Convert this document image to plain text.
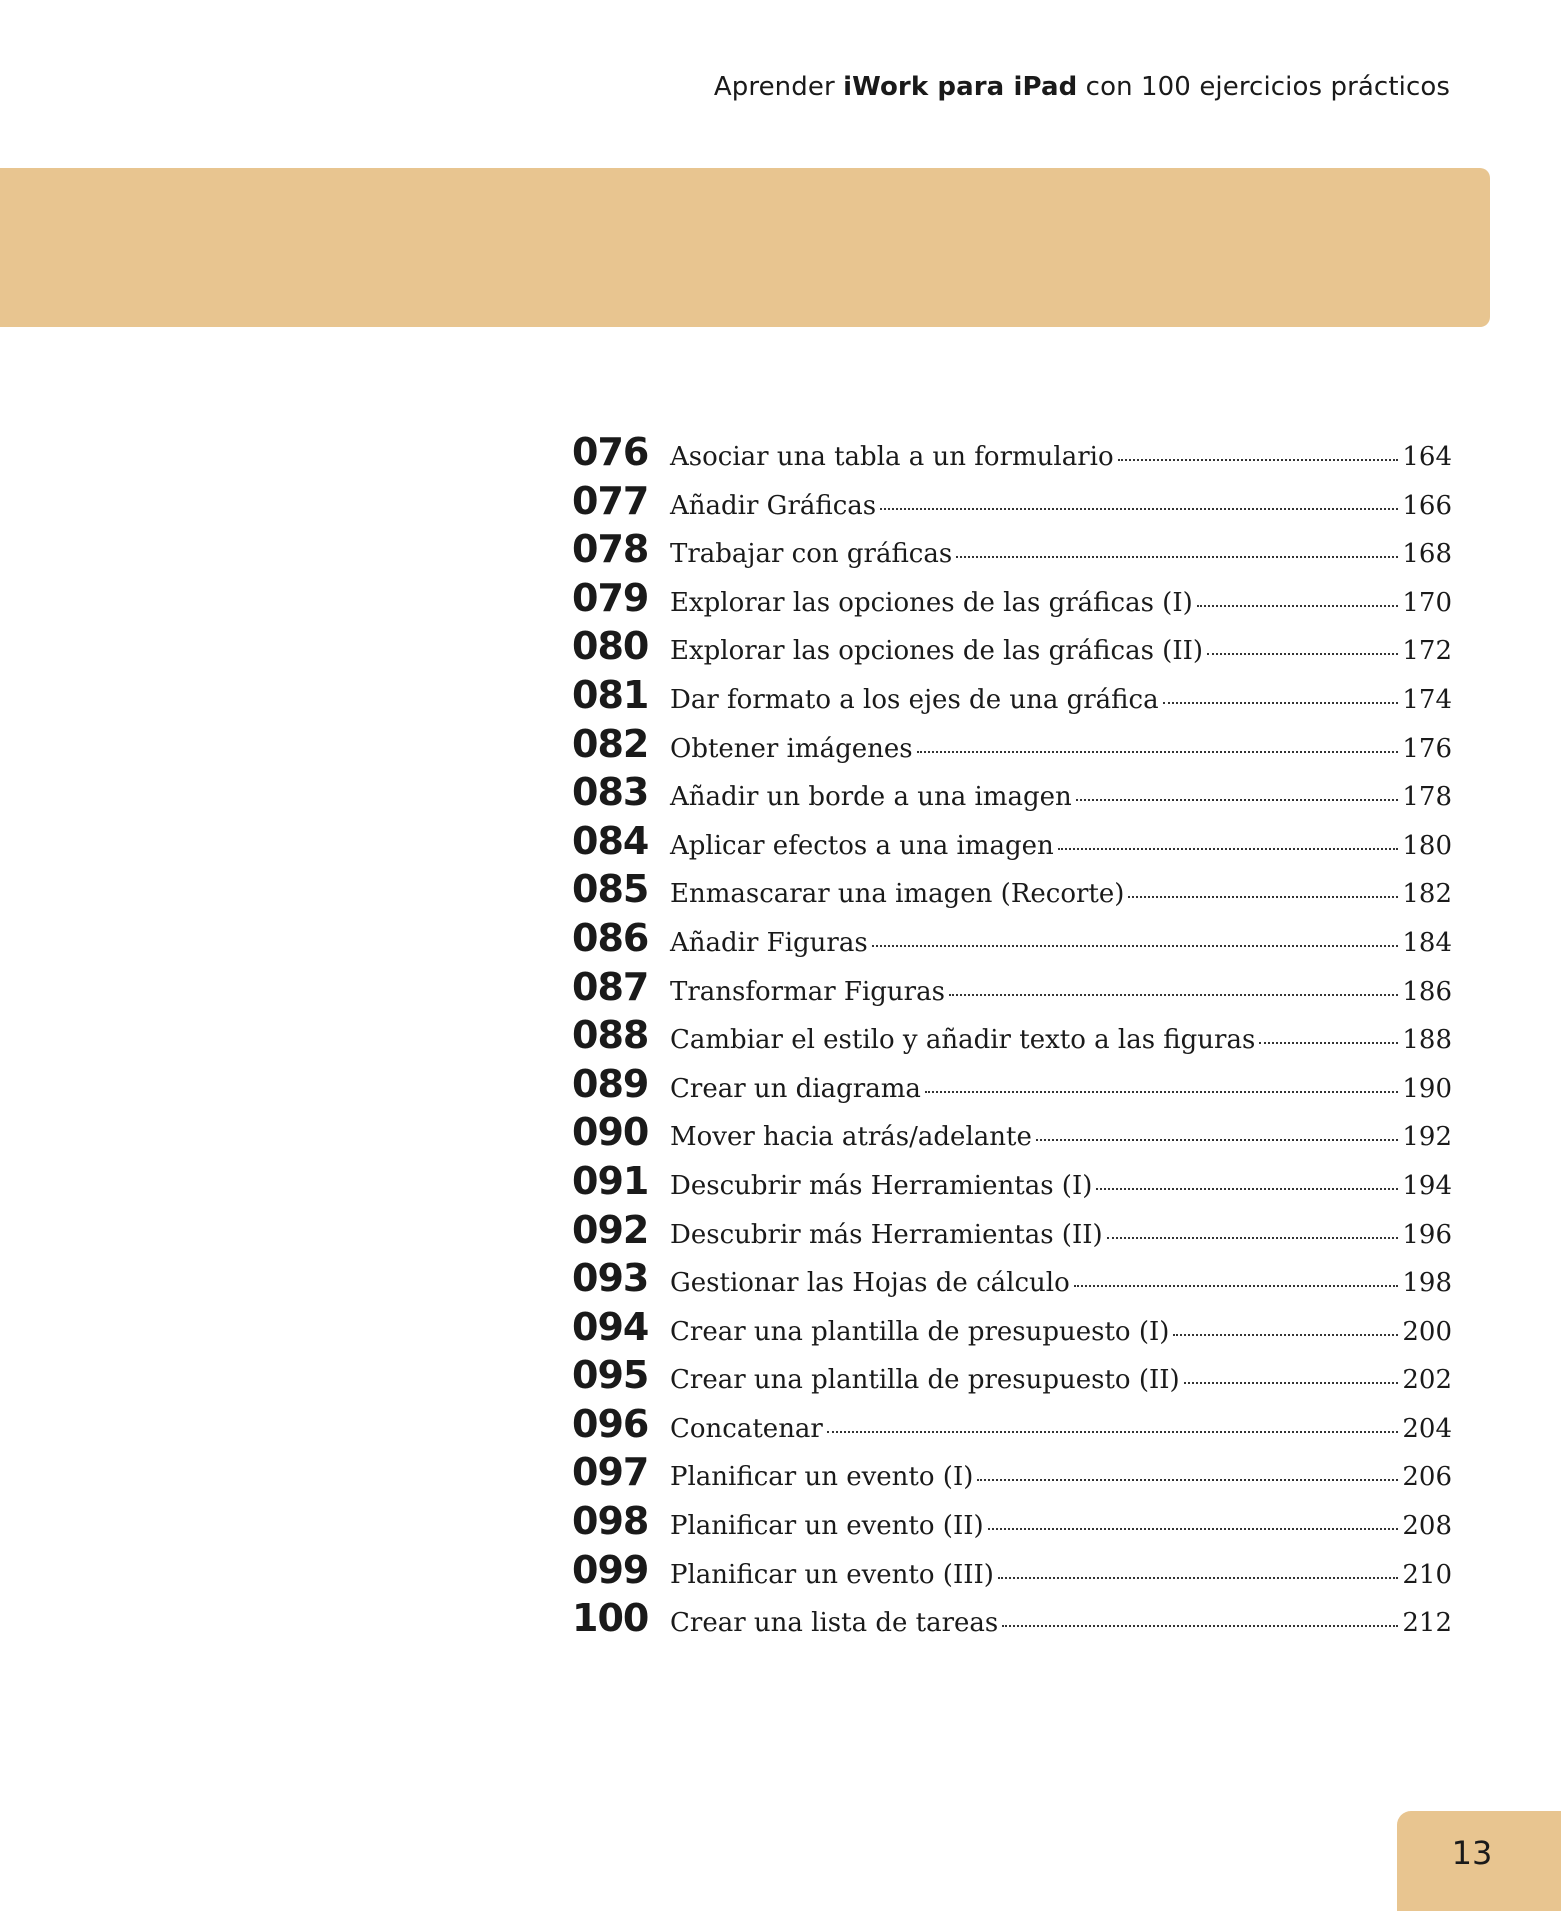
Aprender iWork para iPad con 100 ejercicios prácticos
076 Asociar una tabla a un formulario	164
077 Añadir Gráficas	166
078 Trabajar con gráficas	168
079 Explorar las opciones de las gráficas (I)	170
080 Explorar las opciones de las gráficas (II)	172
081 Dar formato a los ejes de una gráfica	174
082 Obtener imágenes	176
083 Añadir un borde a una imagen	178
084 Aplicar efectos a una imagen	180
085 Enmascarar una imagen (Recorte)	182
086 Añadir Figuras	184
087 Transformar Figuras	186
088 Cambiar el estilo y añadir texto a las figuras	188
089 Crear un diagrama	190
090 Mover hacia atrás/adelante	192
091 Descubrir más Herramientas (I)	194
092 Descubrir más Herramientas (II)	196
093 Gestionar las Hojas de cálculo	198
094 Crear una plantilla de presupuesto (I)	200
095 Crear una plantilla de presupuesto (II)	202
096 Concatenar	204
097 Planificar un evento (I)	206
098 Planificar un evento (II)	208
099 Planificar un evento (III)	210
100 Crear una lista de tareas	212
13
